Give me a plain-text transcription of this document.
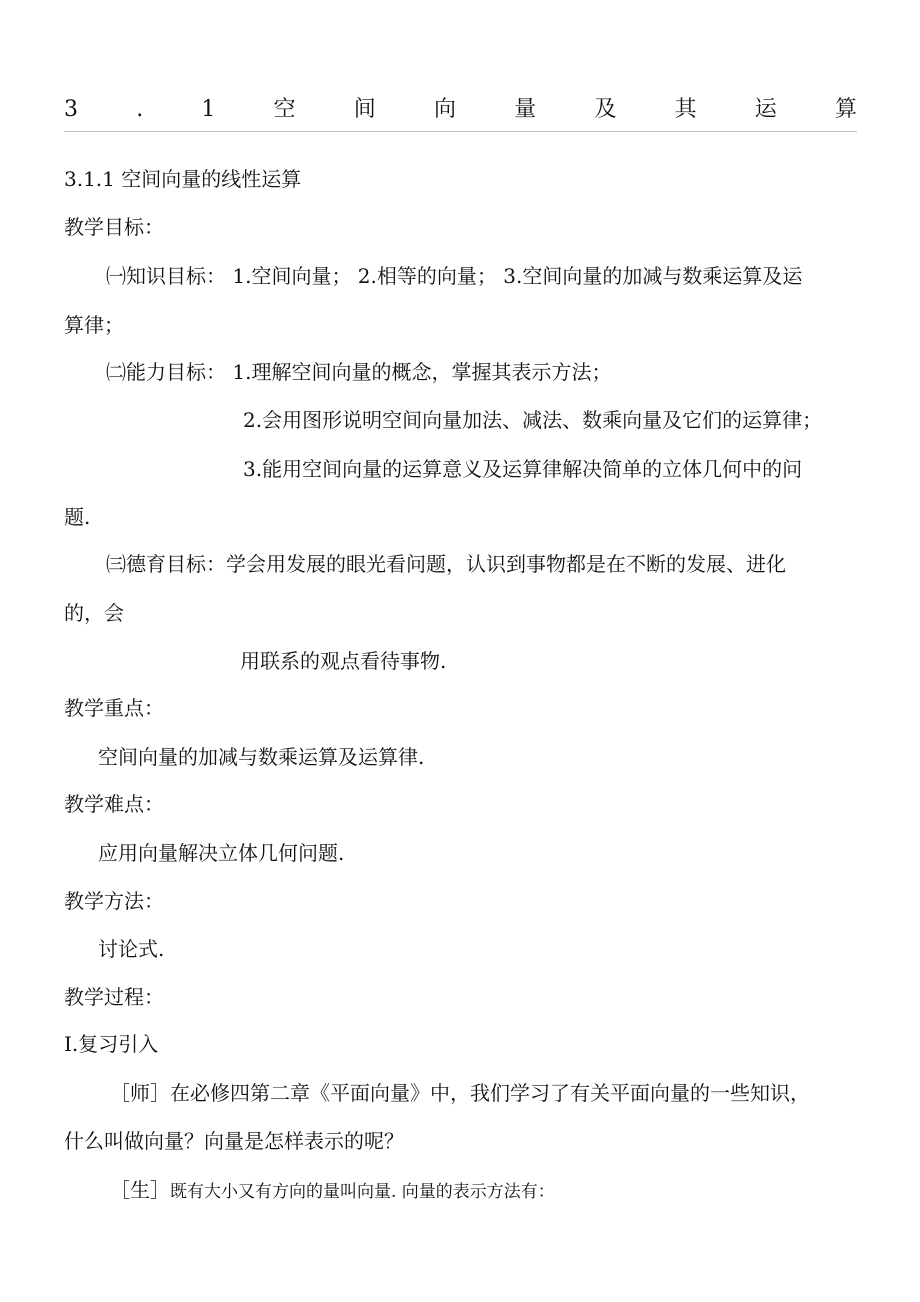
3	.	1	空	间	向	量	及	其	运	算
3.1.1 空间向量的线性运算
教学目标：
㈠知识目标： 1.空间向量； 2.相等的向量； 3.空间向量的加减与数乘运算及运
算律；
㈡能力目标： 1.理解空间向量的概念，掌握其表示方法；
2.会用图形说明空间向量加法、减法、数乘向量及它们的运算律；
3.能用空间向量的运算意义及运算律解决简单的立体几何中的问
题.
㈢德育目标：学会用发展的眼光看问题，认识到事物都是在不断的发展、进化
的，会
用联系的观点看待事物.
教学重点：
空间向量的加减与数乘运算及运算律.
教学难点：
应用向量解决立体几何问题.
教学方法：
讨论式.
教学过程：
Ⅰ.复习引入
［师］在必修四第二章《平面向量》中，我们学习了有关平面向量的一些知识，
什么叫做向量？向量是怎样表示的呢？
［生］既有大小又有方向的量叫向量. 向量的表示方法有：
